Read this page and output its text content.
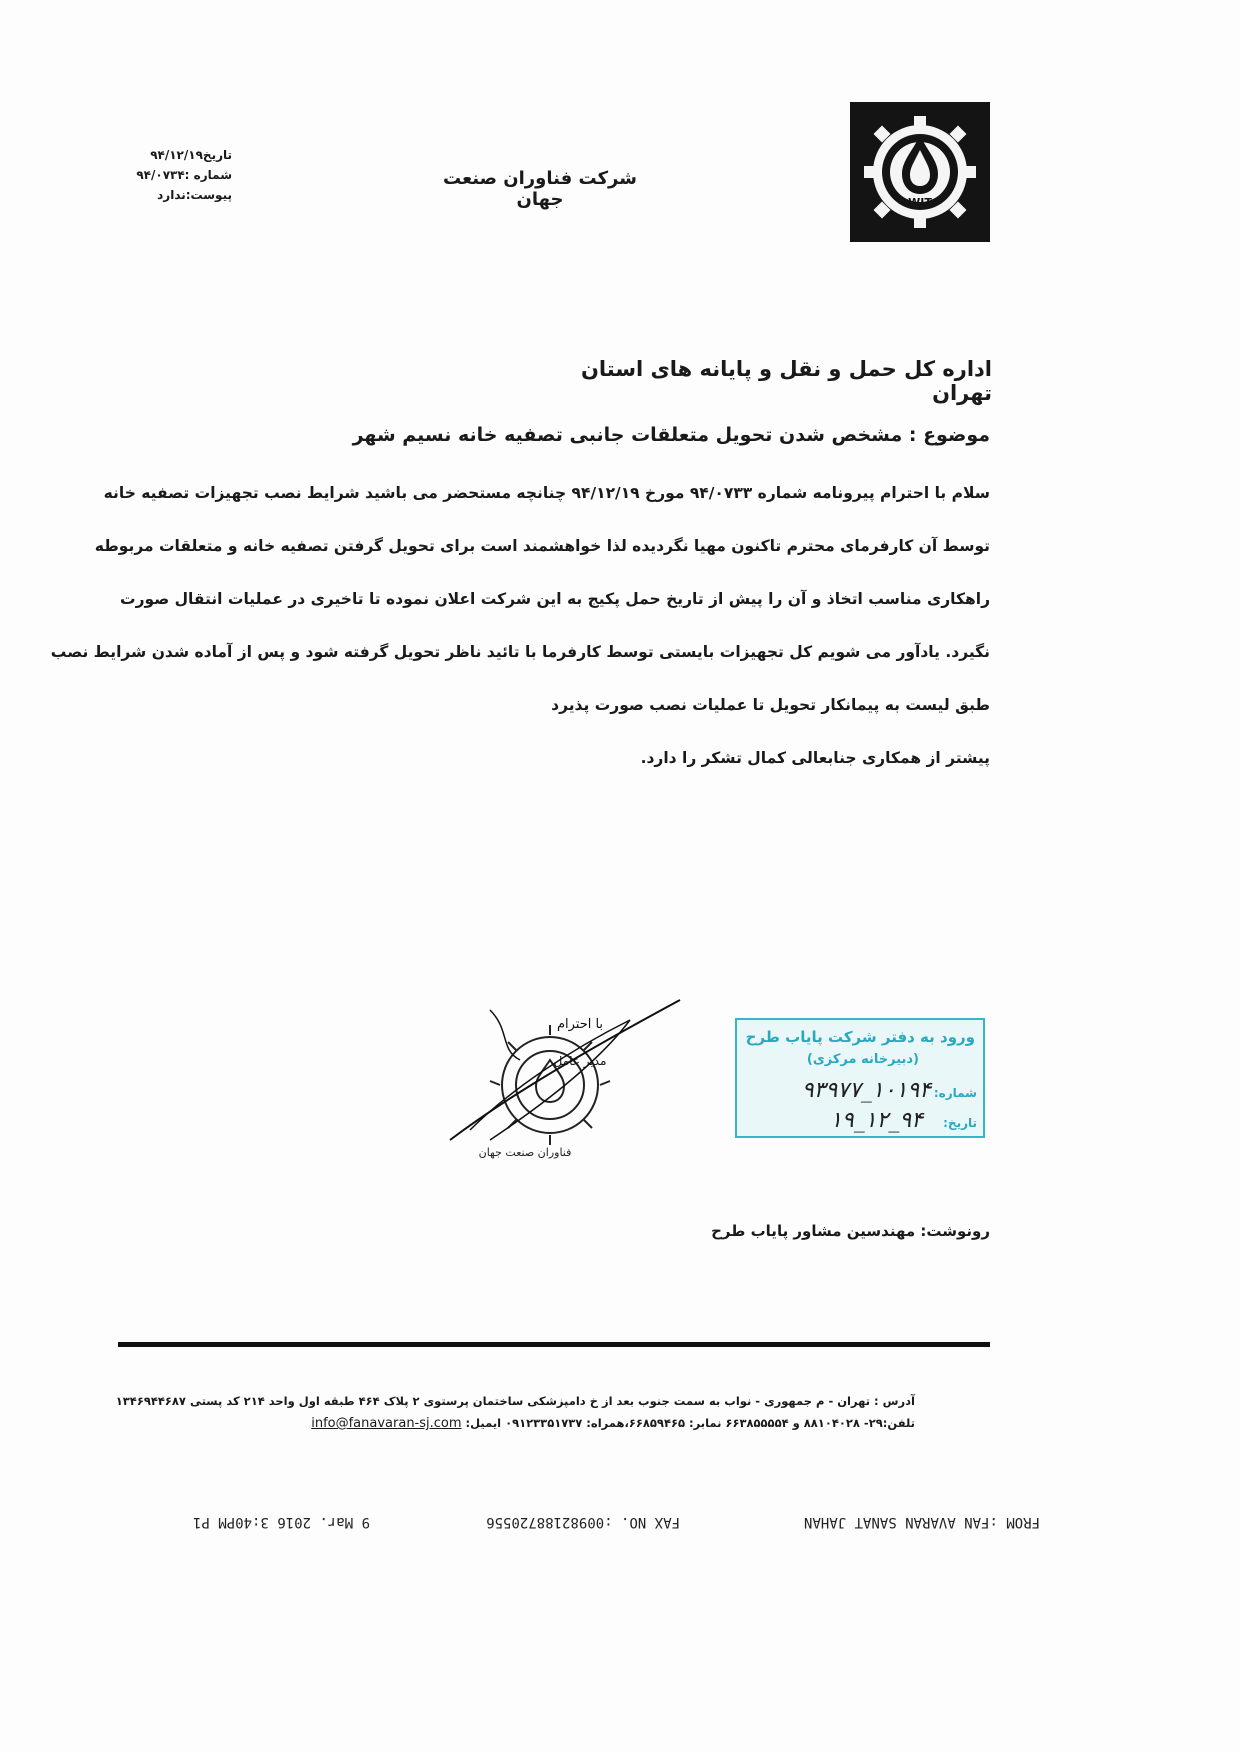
WIT
تاریخ۹۴/۱۲/۱۹
شماره :۹۴/۰۷۳۴
پیوست:ندارد
شرکت فناوران صنعت جهان
اداره کل حمل و نقل و پایانه های استان تهران
موضوع : مشخص شدن تحویل متعلقات جانبی تصفیه خانه نسیم شهر
سلام با احترام پیرونامه شماره ۹۴/۰۷۳۳ مورخ ۹۴/۱۲/۱۹ چنانچه مستحضر می باشید شرایط نصب تجهیزات تصفیه خانه
توسط آن کارفرمای محترم تاکنون مهیا نگردیده لذا خواهشمند است برای تحویل گرفتن تصفیه خانه و متعلقات مربوطه
راهکاری مناسب اتخاذ و آن را پیش از تاریخ حمل پکیج به این شرکت اعلان نموده تا تاخیری در عملیات انتقال صورت
نگیرد. یادآور می شویم کل تجهیزات بایستی توسط کارفرما با تائید ناظر تحویل گرفته شود و پس از آماده شدن شرایط نصب
طبق لیست به پیمانکار تحویل تا عملیات نصب صورت پذیرد
پیشتر از همکاری جنابعالی کمال تشکر را دارد.
با احترام
مدیر عامل
فناوران صنعت جهان
ورود به دفتر شرکت پایاب طرح
(دبیرخانه مرکزی)
شماره:
۱۰۱۹۴_۹۳۹۷۷
تاریخ:
۹۴_۱۲_۱۹
رونوشت: مهندسین مشاور پایاب طرح
آدرس : تهران - م جمهوری - نواب به سمت جنوب بعد از خ دامپزشکی ساختمان پرستوی ۲ پلاک ۴۶۴ طبقه اول واحد ۲۱۴ کد پستی ۱۳۴۶۹۴۴۶۸۷
تلفن:۲۹- ۸۸۱۰۴۰۲۸ و ۶۶۳۸۵۵۵۵۴ نمابر: ۶۶۸۵۹۴۶۵،همراه: ۰۹۱۲۳۳۵۱۷۳۷ ایمیل: info@fanavaran-sj.com
FROM :FAN AVARAN SANAT JAHAN
FAX NO. :00982188720556
9 Mar. 2016 3:40PM P1
